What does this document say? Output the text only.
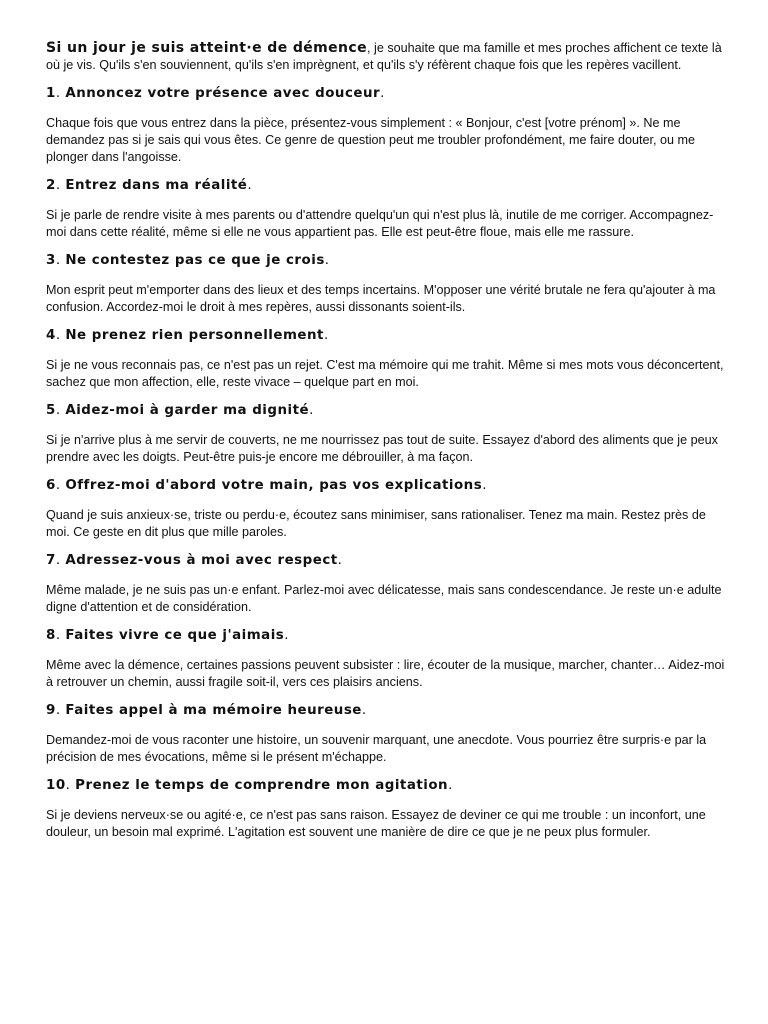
Si un jour je suis atteint·e de démence, je souhaite que ma famille et mes proches affichent ce texte là où je vis. Qu'ils s'en souviennent, qu'ils s'en imprègnent, et qu'ils s'y réfèrent chaque fois que les repères vacillent.

1. Annoncez votre présence avec douceur.

Chaque fois que vous entrez dans la pièce, présentez-vous simplement : « Bonjour, c'est [votre prénom] ». Ne me demandez pas si je sais qui vous êtes. Ce genre de question peut me troubler profondément, me faire douter, ou me plonger dans l'angoisse.

2. Entrez dans ma réalité.

Si je parle de rendre visite à mes parents ou d'attendre quelqu'un qui n'est plus là, inutile de me corriger. Accompagnez-moi dans cette réalité, même si elle ne vous appartient pas. Elle est peut-être floue, mais elle me rassure.

3. Ne contestez pas ce que je crois.

Mon esprit peut m'emporter dans des lieux et des temps incertains. M'opposer une vérité brutale ne fera qu'ajouter à ma confusion. Accordez-moi le droit à mes repères, aussi dissonants soient-ils.

4. Ne prenez rien personnellement.

Si je ne vous reconnais pas, ce n'est pas un rejet. C'est ma mémoire qui me trahit. Même si mes mots vous déconcertent, sachez que mon affection, elle, reste vivace – quelque part en moi.

5. Aidez-moi à garder ma dignité.

Si je n'arrive plus à me servir de couverts, ne me nourrissez pas tout de suite. Essayez d'abord des aliments que je peux prendre avec les doigts. Peut-être puis-je encore me débrouiller, à ma façon.

6. Offrez-moi d'abord votre main, pas vos explications.

Quand je suis anxieux·se, triste ou perdu·e, écoutez sans minimiser, sans rationaliser. Tenez ma main. Restez près de moi. Ce geste en dit plus que mille paroles.

7. Adressez-vous à moi avec respect.

Même malade, je ne suis pas un·e enfant. Parlez-moi avec délicatesse, mais sans condescendance. Je reste un·e adulte digne d'attention et de considération.

8. Faites vivre ce que j'aimais.

Même avec la démence, certaines passions peuvent subsister : lire, écouter de la musique, marcher, chanter… Aidez-moi à retrouver un chemin, aussi fragile soit-il, vers ces plaisirs anciens.

9. Faites appel à ma mémoire heureuse.

Demandez-moi de vous raconter une histoire, un souvenir marquant, une anecdote. Vous pourriez être surpris·e par la précision de mes évocations, même si le présent m'échappe.

10. Prenez le temps de comprendre mon agitation.

Si je deviens nerveux·se ou agité·e, ce n'est pas sans raison. Essayez de deviner ce qui me trouble : un inconfort, une douleur, un besoin mal exprimé. L'agitation est souvent une manière de dire ce que je ne peux plus formuler.
